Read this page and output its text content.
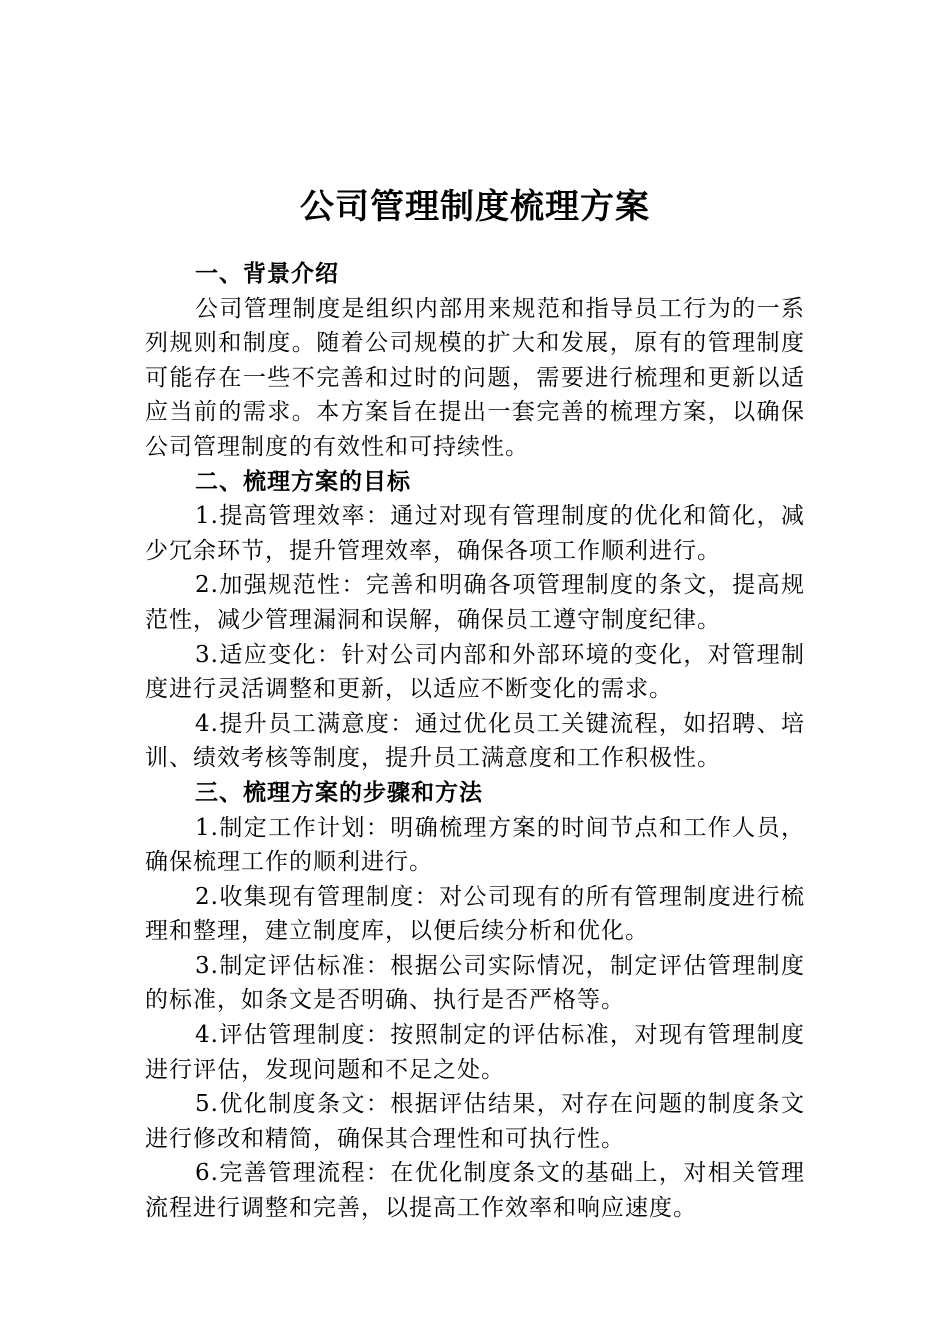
公司管理制度梳理方案
一、背景介绍

公司管理制度是组织内部用来规范和指导员工行为的一系列规则和制度。随着公司规模的扩大和发展，原有的管理制度可能存在一些不完善和过时的问题，需要进行梳理和更新以适应当前的需求。本方案旨在提出一套完善的梳理方案，以确保公司管理制度的有效性和可持续性。

二、梳理方案的目标

1.提高管理效率：通过对现有管理制度的优化和简化，减少冗余环节，提升管理效率，确保各项工作顺利进行。

2.加强规范性：完善和明确各项管理制度的条文，提高规范性，减少管理漏洞和误解，确保员工遵守制度纪律。

3.适应变化：针对公司内部和外部环境的变化，对管理制度进行灵活调整和更新，以适应不断变化的需求。

4.提升员工满意度：通过优化员工关键流程，如招聘、培训、绩效考核等制度，提升员工满意度和工作积极性。

三、梳理方案的步骤和方法

1.制定工作计划：明确梳理方案的时间节点和工作人员，确保梳理工作的顺利进行。

2.收集现有管理制度：对公司现有的所有管理制度进行梳理和整理，建立制度库，以便后续分析和优化。

3.制定评估标准：根据公司实际情况，制定评估管理制度的标准，如条文是否明确、执行是否严格等。

4.评估管理制度：按照制定的评估标准，对现有管理制度进行评估，发现问题和不足之处。

5.优化制度条文：根据评估结果，对存在问题的制度条文进行修改和精简，确保其合理性和可执行性。

6.完善管理流程：在优化制度条文的基础上，对相关管理流程进行调整和完善，以提高工作效率和响应速度。
